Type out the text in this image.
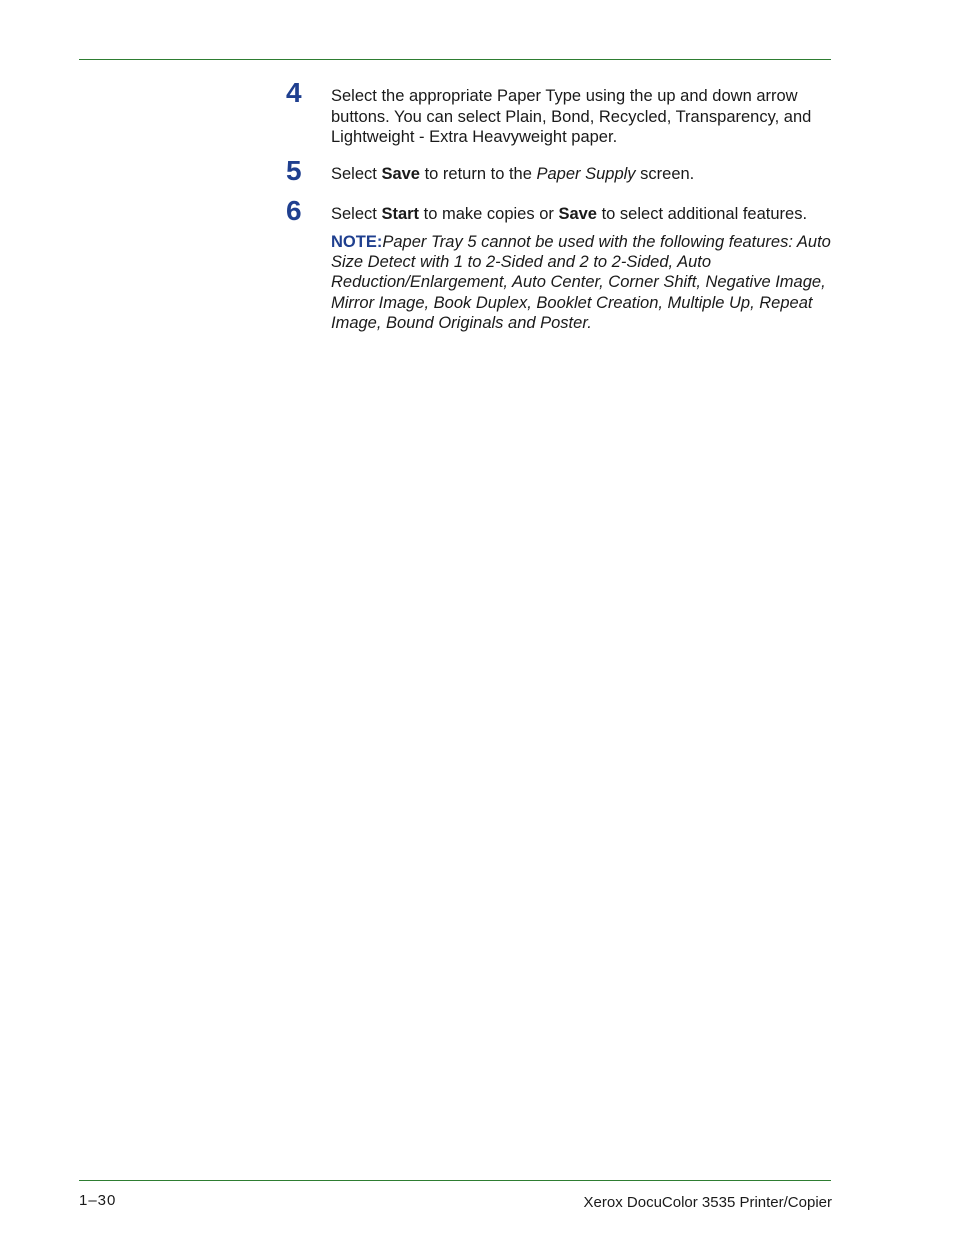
4 Select the appropriate Paper Type using the up and down arrow buttons. You can select Plain, Bond, Recycled, Transparency, and Lightweight - Extra Heavyweight paper.
5 Select Save to return to the Paper Supply screen.
6 Select Start to make copies or Save to select additional features.
NOTE:Paper Tray 5 cannot be used with the following features: Auto Size Detect with 1 to 2-Sided and 2 to 2-Sided, Auto Reduction/Enlargement, Auto Center, Corner Shift, Negative Image, Mirror Image, Book Duplex, Booklet Creation, Multiple Up, Repeat Image, Bound Originals and Poster.
1–30	Xerox DocuColor 3535 Printer/Copier
